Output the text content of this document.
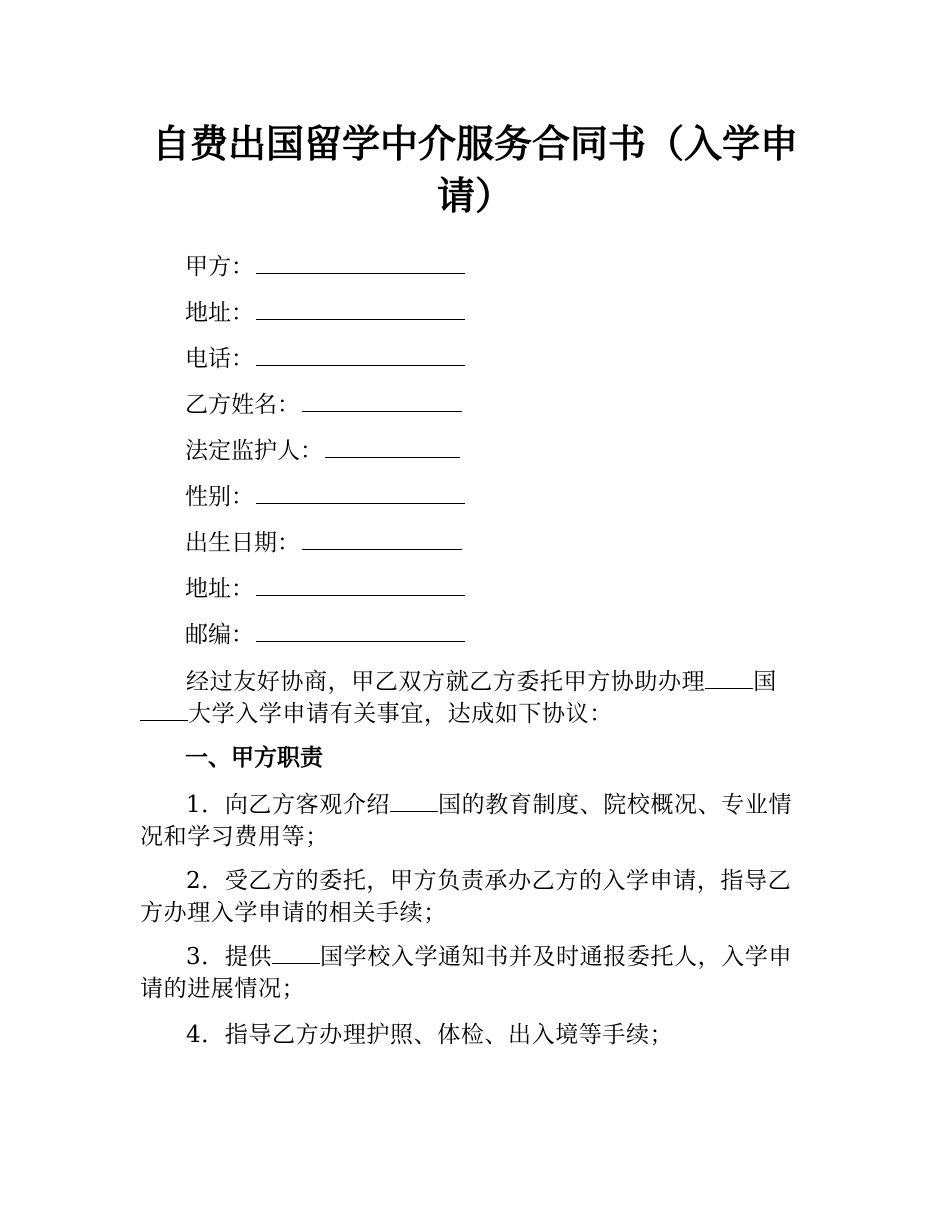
自费出国留学中介服务合同书（入学申请）
甲方：
地址：
电话：
乙方姓名：
法定监护人：
性别：
出生日期：
地址：
邮编：
经过友好协商，甲乙双方就乙方委托甲方协助办理 国大学入学申请有关事宜，达成如下协议：
一、甲方职责
1．向乙方客观介绍 国的教育制度、院校概况、专业情况和学习费用等；
2．受乙方的委托，甲方负责承办乙方的入学申请，指导乙方办理入学申请的相关手续；
3．提供 国学校入学通知书并及时通报委托人，入学申请的进展情况；
4．指导乙方办理护照、体检、出入境等手续；
